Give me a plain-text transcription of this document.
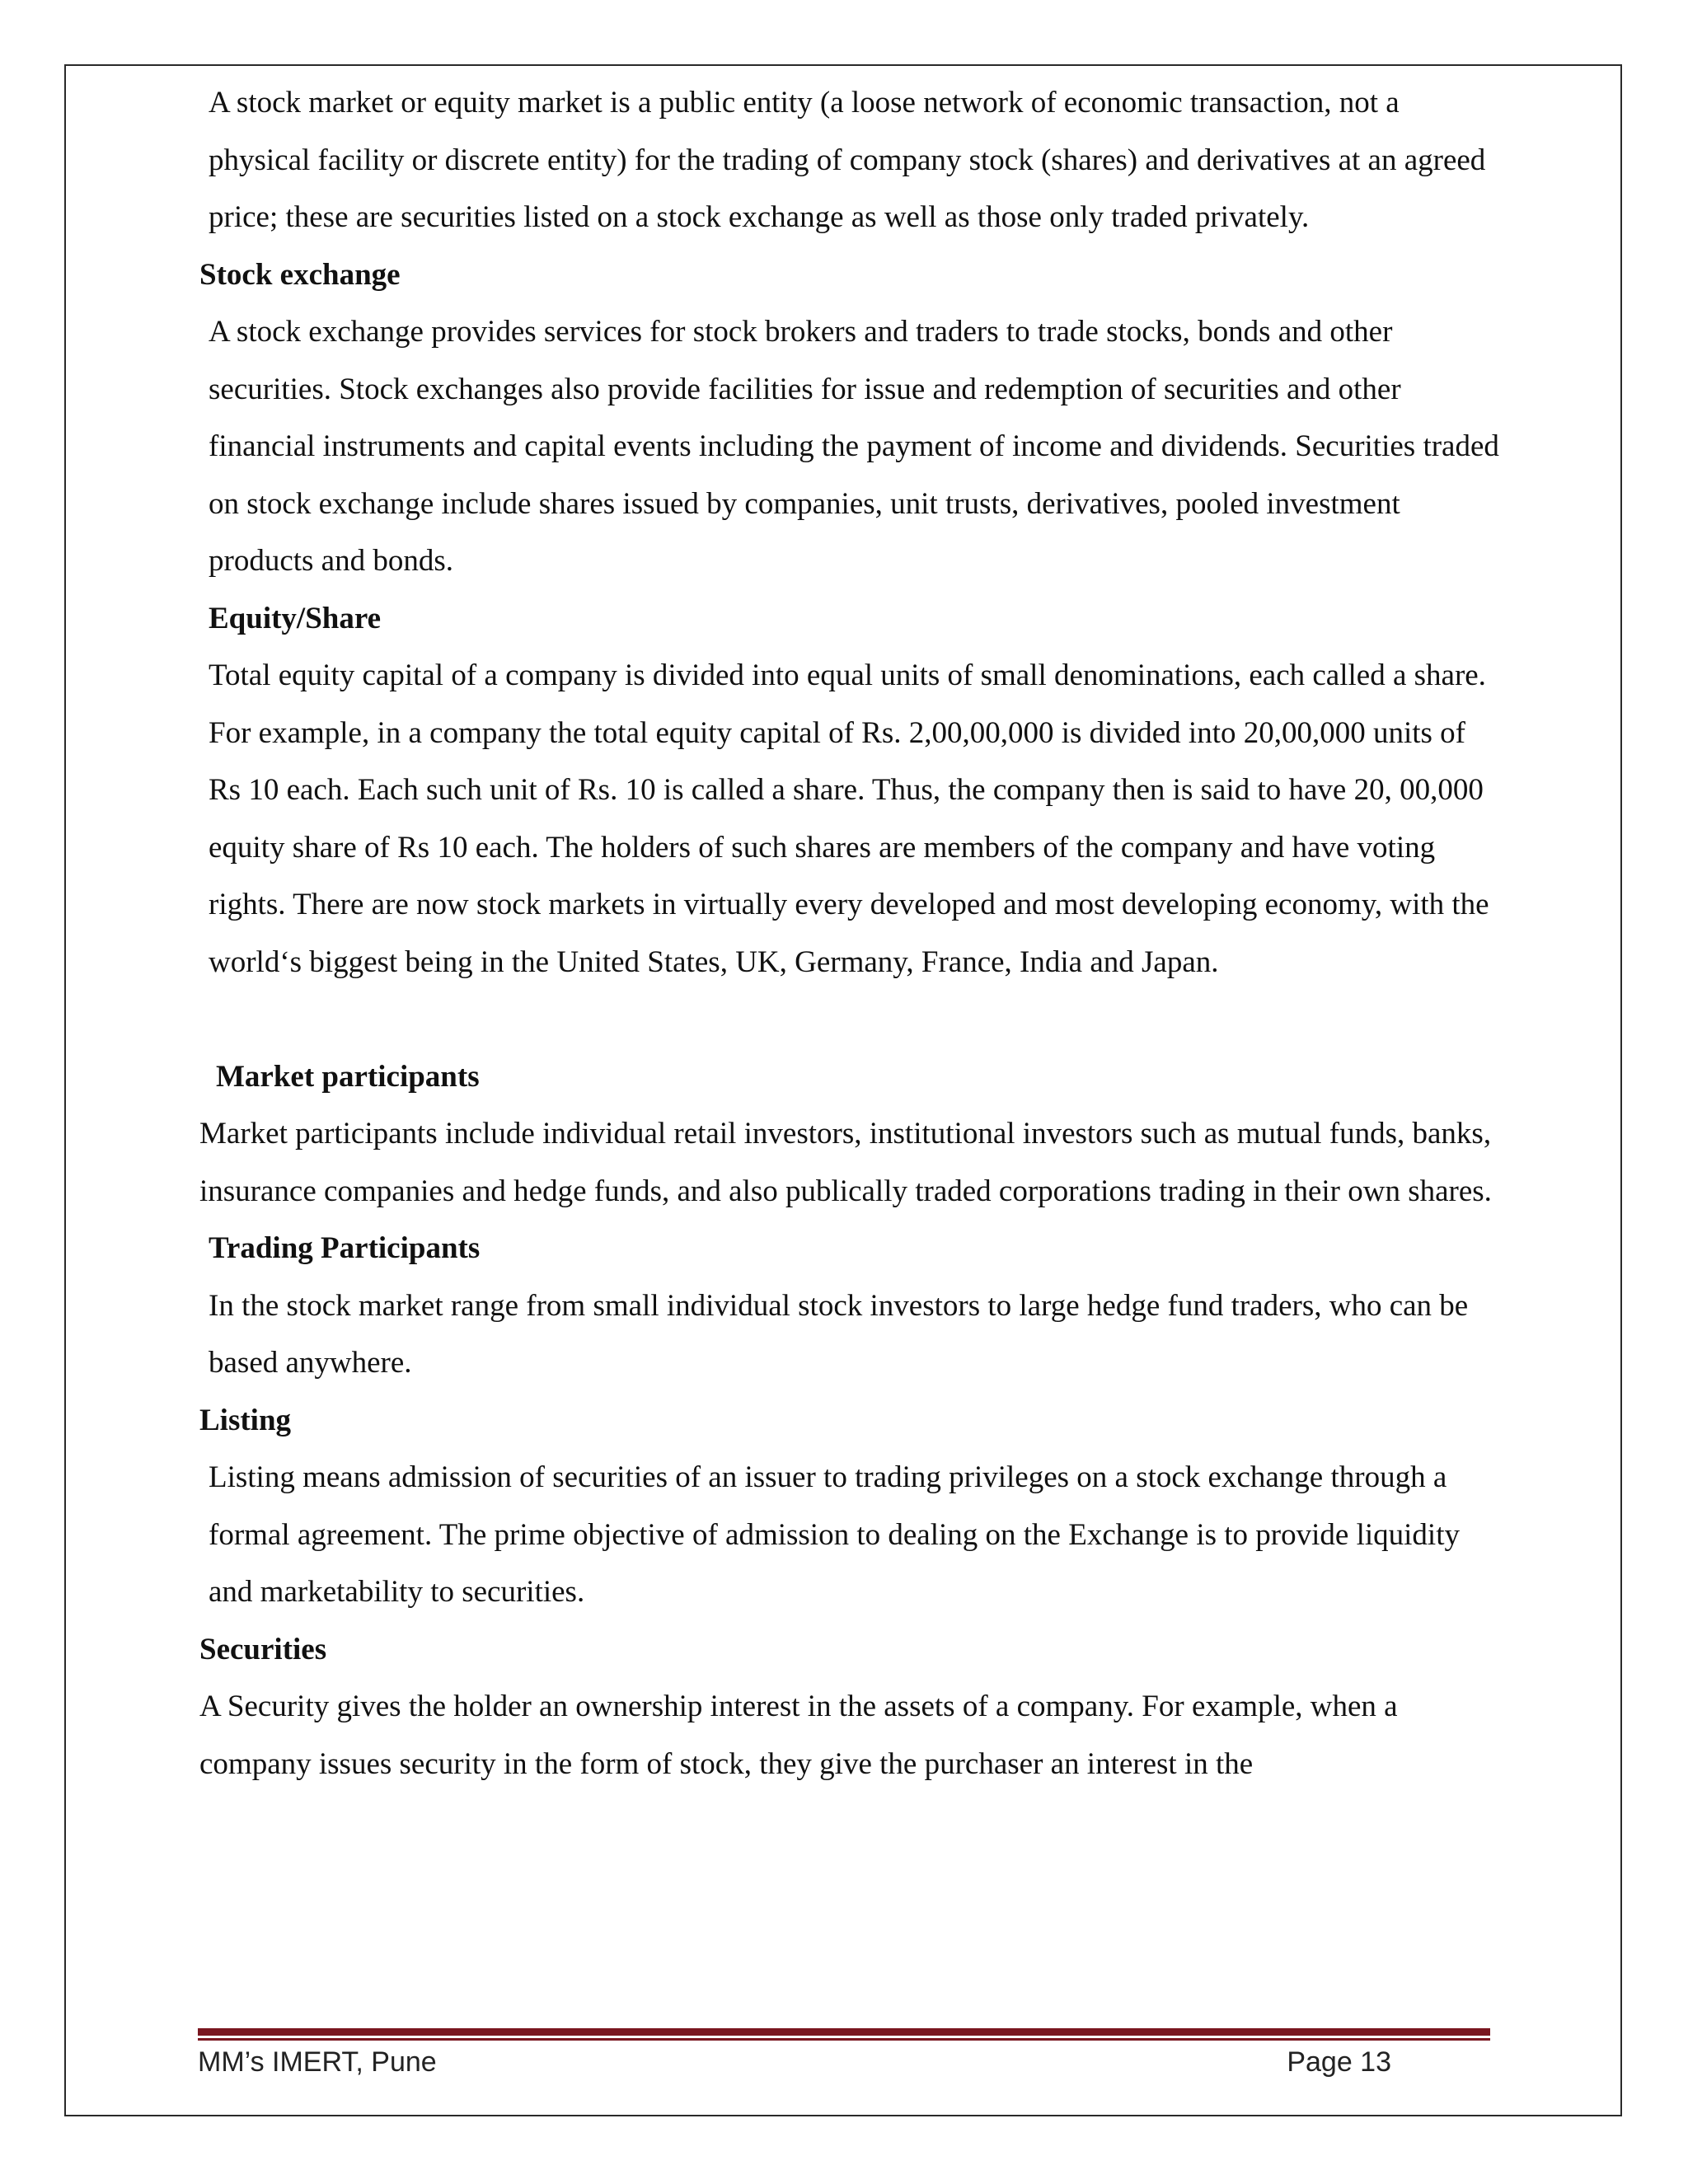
A stock market or equity market is a public entity (a loose network of economic transaction, not a physical facility or discrete entity) for the trading of company stock (shares) and derivatives at an agreed price; these are securities listed on a stock exchange as well as those only traded privately.

Stock exchange

A stock exchange provides services for stock brokers and traders to trade stocks, bonds and other securities. Stock exchanges also provide facilities for issue and redemption of securities and other financial instruments and capital events including the payment of income and dividends. Securities traded on stock exchange include shares issued by companies, unit trusts, derivatives, pooled investment products and bonds.

Equity/Share

Total equity capital of a company is divided into equal units of small denominations, each called a share. For example, in a company the total equity capital of Rs. 2,00,00,000 is divided into 20,00,000 units of Rs 10 each. Each such unit of Rs. 10 is called a share. Thus, the company then is said to have 20, 00,000 equity share of Rs 10 each. The holders of such shares are members of the company and have voting rights. There are now stock markets in virtually every developed and most developing economy, with the world‘s biggest being in the United States, UK, Germany, France, India and Japan.

Market participants

Market participants include individual retail investors, institutional investors such as mutual funds, banks, insurance companies and hedge funds, and also publically traded corporations trading in their own shares.

Trading Participants

In the stock market range from small individual stock investors to large hedge fund traders, who can be based anywhere.

Listing

Listing means admission of securities of an issuer to trading privileges on a stock exchange through a formal agreement. The prime objective of admission to dealing on the Exchange is to provide liquidity and marketability to securities.

Securities

A Security gives the holder an ownership interest in the assets of a company. For example, when a company issues security in the form of stock, they give the purchaser an interest in the

MM’s IMERT, Pune	Page 13
